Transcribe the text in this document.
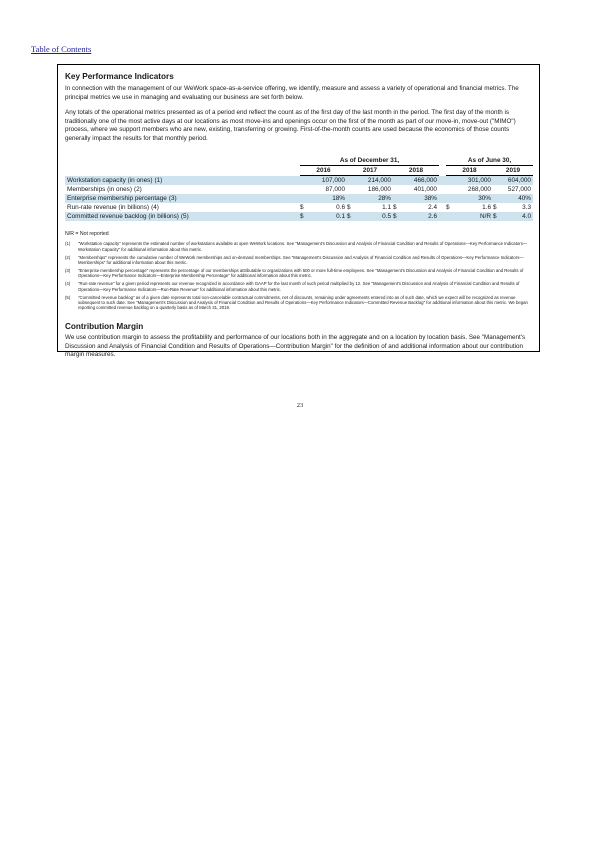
Table of Contents
Key Performance Indicators

In connection with the management of our WeWork space-as-a-service offering, we identify, measure and assess a variety of operational and financial metrics. The principal metrics we use in managing and evaluating our business are set forth below.

Any totals of the operational metrics presented as of a period end reflect the count as of the first day of the last month in the period. The first day of the month is traditionally one of the most active days at our locations as most move-ins and openings occur on the first of the month as part of our move-in, move-out ("MIMO") process, where we support members who are new, existing, transferring or growing. First-of-the-month counts are used because the economics of those counts generally impact the results for that monthly period.

	As of December 31,							As of June 30,			
	2016		2017		2018			2018		2019	
Workstation capacity (in ones) (1)		107,000		214,000		466,000			301,000		604,000
Memberships (in ones) (2)		87,000		186,000		401,000			268,000		527,000
Enterprise membership percentage (3)		18%		28%		38%			30%		40%
Run-rate revenue (in billions) (4)	$	0.6	$	1.1	$	2.4		$	1.6	$	3.3
Committed revenue backlog (in billions) (5)	$	0.1	$	0.5	$	2.6			N/R	$	4.0
N/R = Not reported
(1)	"Workstation capacity" represents the estimated number of workstations available at open WeWork locations. See "Management's Discussion and Analysis of Financial Condition and Results of Operations—Key Performance Indicators—Workstation Capacity" for additional information about this metric.
(2)	"Memberships" represents the cumulative number of WeWork memberships and on-demand memberships. See "Management's Discussion and Analysis of Financial Condition and Results of Operations—Key Performance Indicators—Memberships" for additional information about this metric.
(3)	"Enterprise membership percentage" represents the percentage of our memberships attributable to organizations with 500 or more full-time employees. See "Management's Discussion and Analysis of Financial Condition and Results of Operations—Key Performance Indicators—Enterprise Membership Percentage" for additional information about this metric.
(4)	"Run-rate revenue" for a given period represents our revenue recognized in accordance with GAAP for the last month of such period multiplied by 12. See "Management's Discussion and Analysis of Financial Condition and Results of Operations—Key Performance Indicators—Run-Rate Revenue" for additional information about this metric.
(5)	"Committed revenue backlog" as of a given date represents total non-cancelable contractual commitments, net of discounts, remaining under agreements entered into as of such date, which we expect will be recognized as revenue subsequent to such date. See "Management's Discussion and Analysis of Financial Condition and Results of Operations—Key Performance Indicators—Committed Revenue Backlog" for additional information about this metric. We began reporting committed revenue backlog on a quarterly basis as of March 31, 2019.
Contribution Margin

We use contribution margin to assess the profitability and performance of our locations both in the aggregate and on a location by location basis. See "Management's Discussion and Analysis of Financial Condition and Results of Operations—Contribution Margin" for the definition of and additional information about our contribution margin measures.

23
